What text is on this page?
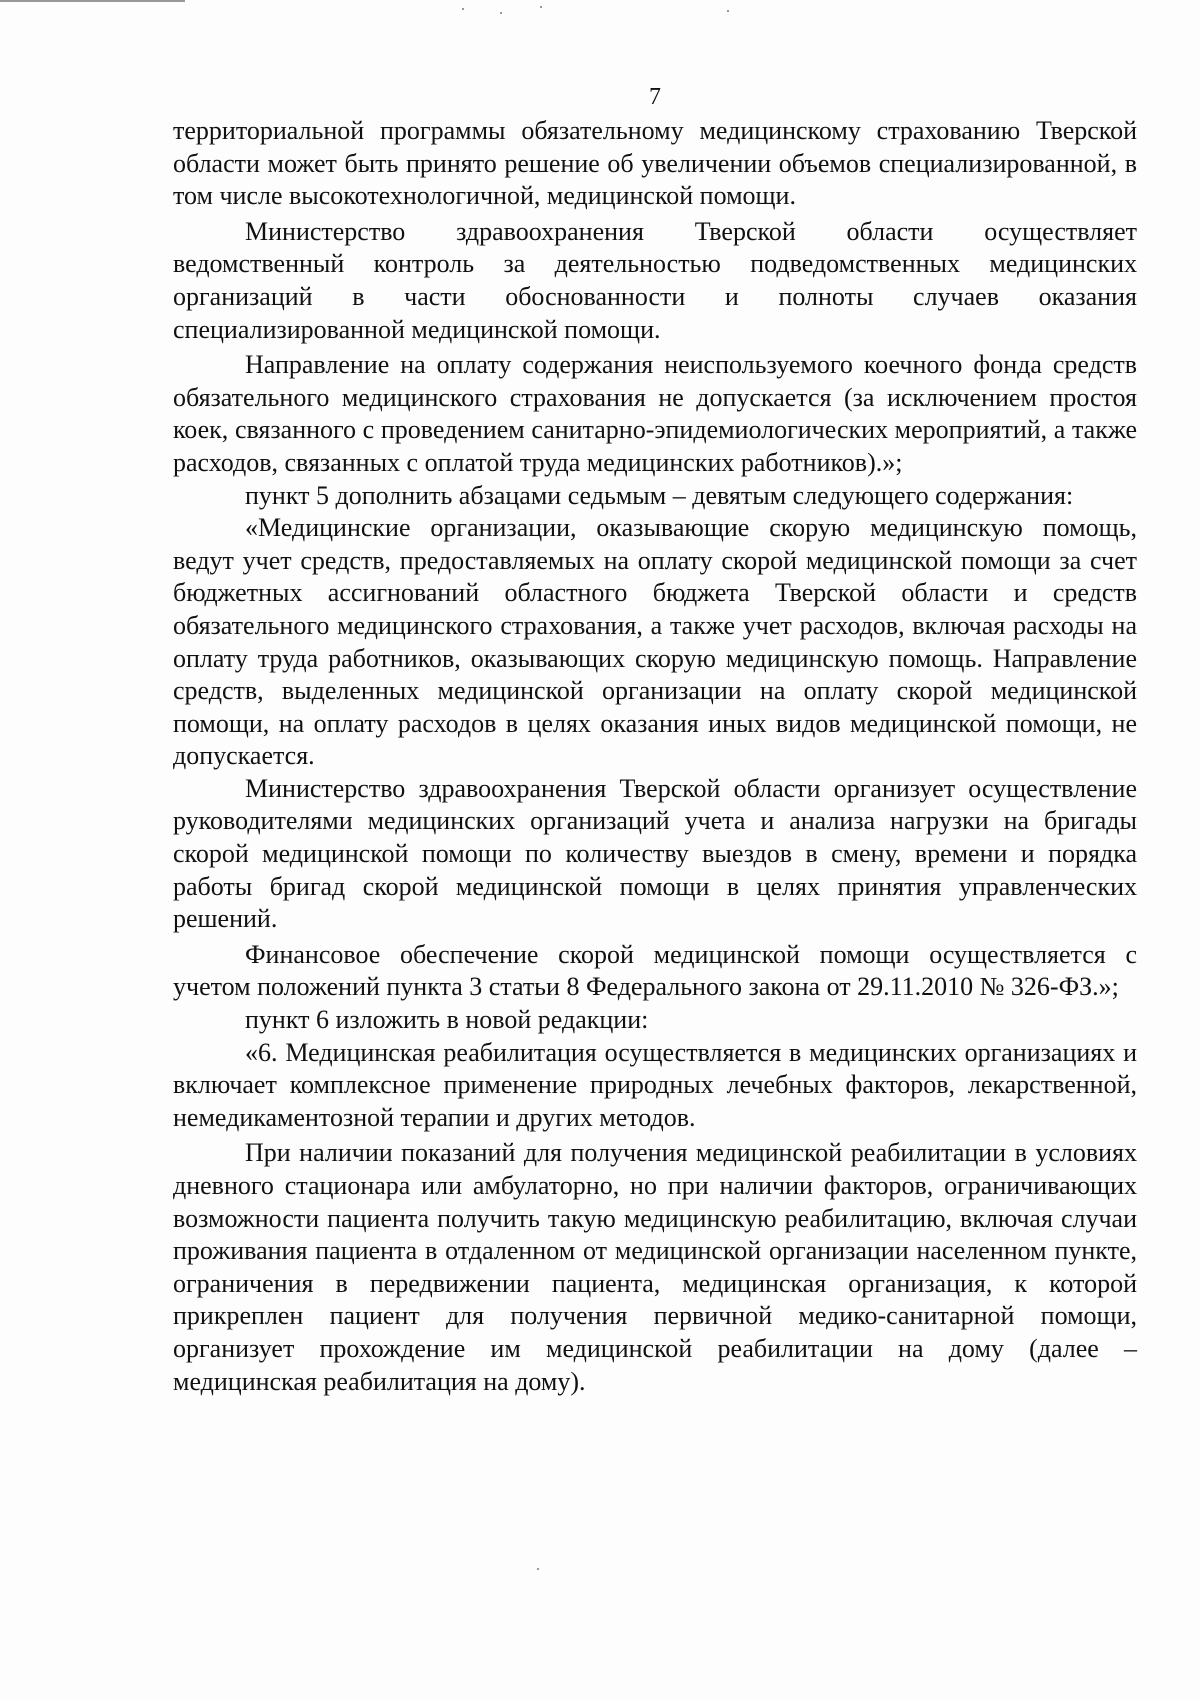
7

территориальной программы обязательному медицинскому страхованию Тверской области может быть принято решение об увеличении объемов специализированной, в том числе высокотехнологичной, медицинской помощи.

Министерство здравоохранения Тверской области осуществляет ведомственный контроль за деятельностью подведомственных медицинских организаций в части обоснованности и полноты случаев оказания специализированной медицинской помощи.

Направление на оплату содержания неиспользуемого коечного фонда средств обязательного медицинского страхования не допускается (за исключением простоя коек, связанного с проведением санитарно-эпидемиологических мероприятий, а также расходов, связанных с оплатой труда медицинских работников).»;

пункт 5 дополнить абзацами седьмым – девятым следующего содержания:

«Медицинские организации, оказывающие скорую медицинскую помощь, ведут учет средств, предоставляемых на оплату скорой медицинской помощи за счет бюджетных ассигнований областного бюджета Тверской области и средств обязательного медицинского страхования, а также учет расходов, включая расходы на оплату труда работников, оказывающих скорую медицинскую помощь. Направление средств, выделенных медицинской организации на оплату скорой медицинской помощи, на оплату расходов в целях оказания иных видов медицинской помощи, не допускается.

Министерство здравоохранения Тверской области организует осуществление руководителями медицинских организаций учета и анализа нагрузки на бригады скорой медицинской помощи по количеству выездов в смену, времени и порядка работы бригад скорой медицинской помощи в целях принятия управленческих решений.

Финансовое обеспечение скорой медицинской помощи осуществляется с учетом положений пункта 3 статьи 8 Федерального закона от 29.11.2010 № 326-ФЗ.»;

пункт 6 изложить в новой редакции:

«6. Медицинская реабилитация осуществляется в медицинских организациях и включает комплексное применение природных лечебных факторов, лекарственной, немедикаментозной терапии и других методов.

При наличии показаний для получения медицинской реабилитации в условиях дневного стационара или амбулаторно, но при наличии факторов, ограничивающих возможности пациента получить такую медицинскую реабилитацию, включая случаи проживания пациента в отдаленном от медицинской организации населенном пункте, ограничения в передвижении пациента, медицинская организация, к которой прикреплен пациент для получения первичной медико-санитарной помощи, организует прохождение им медицинской реабилитации на дому (далее – медицинская реабилитация на дому).
